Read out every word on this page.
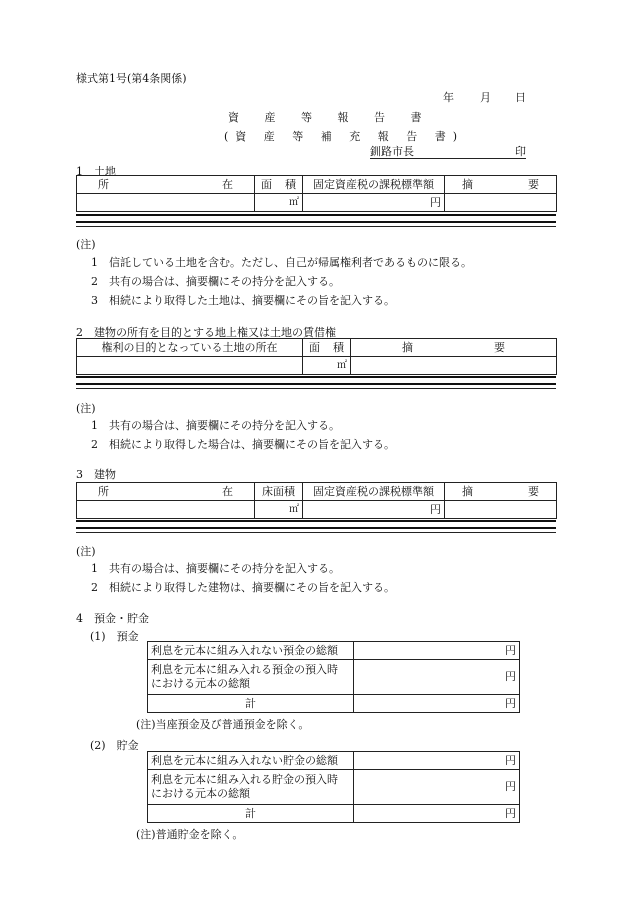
様式第1号(第4条関係)
年 月 日
資 産 等 報 告 書
(資 産 等 補 充 報 告 書)
釧路市長	印
1　土地
所 在	面 積	固定資産税の課税標準額	摘 要

	㎡	円	
(注)
1　信託している土地を含む。ただし、自己が帰属権利者であるものに限る。
2　共有の場合は、摘要欄にその持分を記入する。
3　相続により取得した土地は、摘要欄にその旨を記入する。
2　建物の所有を目的とする地上権又は土地の賃借権
権利の目的となっている土地の所在	面 積	摘 要

	㎡	
(注)
1　共有の場合は、摘要欄にその持分を記入する。
2　相続により取得した場合は、摘要欄にその旨を記入する。
3　建物
所 在	床面積	固定資産税の課税標準額	摘 要

	㎡	円	
(注)
1　共有の場合は、摘要欄にその持分を記入する。
2　相続により取得した建物は、摘要欄にその旨を記入する。
4　預金・貯金
(1)　預金
利息を元本に組み入れない預金の総額	円
利息を元本に組み入れる預金の預入時
における元本の総額	円
計	円
(注)当座預金及び普通預金を除く。
(2)　貯金
利息を元本に組み入れない貯金の総額	円
利息を元本に組み入れる貯金の預入時
における元本の総額	円
計	円
(注)普通貯金を除く。
